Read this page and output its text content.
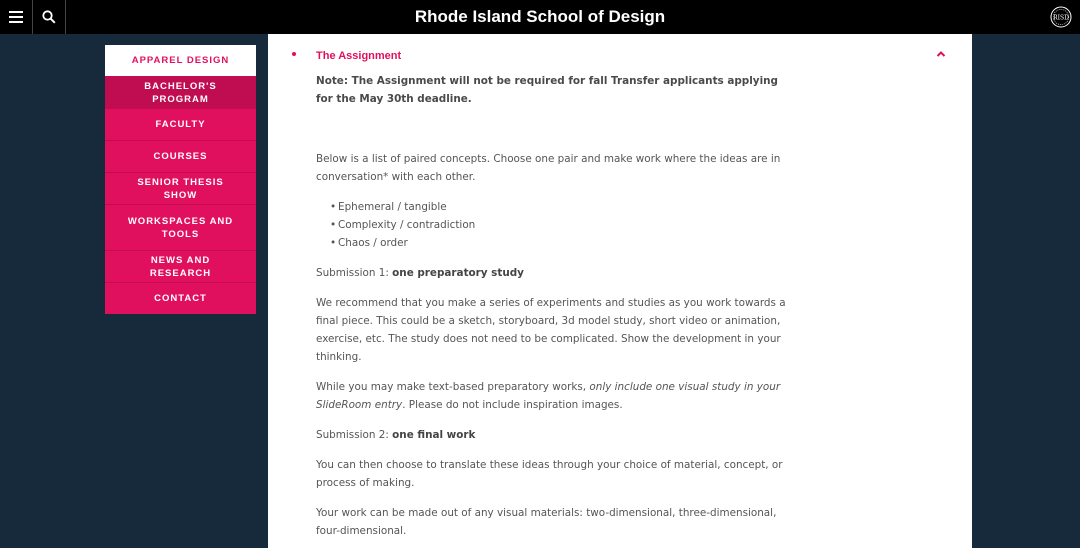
Rhode Island School of Design	RISD
APPAREL DESIGN
BACHELOR'S PROGRAM
FACULTY
COURSES
SENIOR THESIS SHOW
WORKSPACES AND TOOLS
NEWS AND RESEARCH
CONTACT
The Assignment

Note: The Assignment will not be required for fall Transfer applicants applying for the May 30th deadline.

Below is a list of paired concepts. Choose one pair and make work where the ideas are in conversation* with each other.

• Ephemeral / tangible
• Complexity / contradiction
• Chaos / order

Submission 1: one preparatory study

We recommend that you make a series of experiments and studies as you work towards a final piece. This could be a sketch, storyboard, 3d model study, short video or animation, exercise, etc. The study does not need to be complicated. Show the development in your thinking.

While you may make text-based preparatory works, only include one visual study in your SlideRoom entry. Please do not include inspiration images.

Submission 2: one final work

You can then choose to translate these ideas through your choice of material, concept, or process of making.

Your work can be made out of any visual materials: two-dimensional, three-dimensional, four-dimensional.
